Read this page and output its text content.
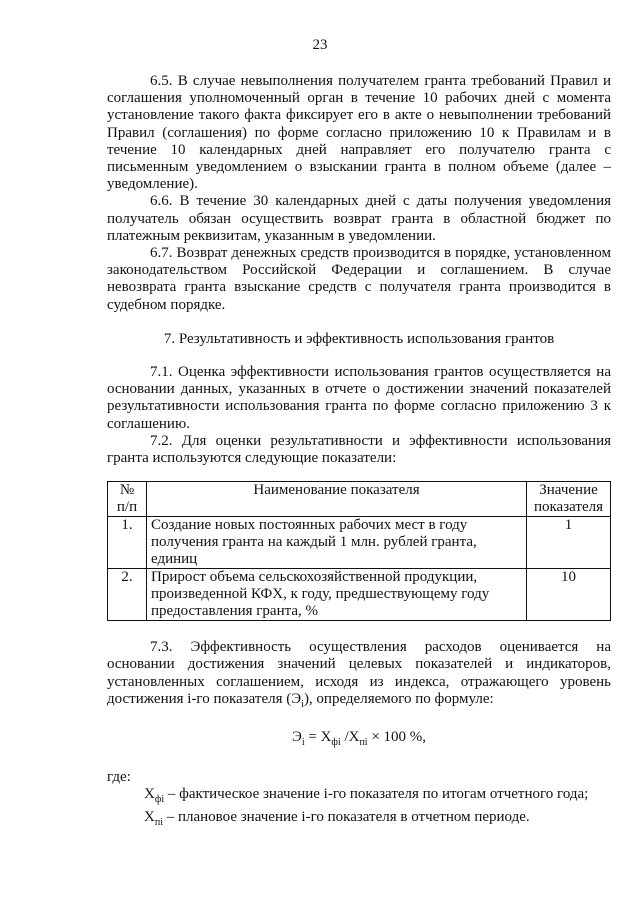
23

6.5. В случае невыполнения получателем гранта требований Правил и соглашения уполномоченный орган в течение 10 рабочих дней с момента установление такого факта фиксирует его в акте о невыполнении требований Правил (соглашения) по форме согласно приложению 10 к Правилам и в течение 10 календарных дней направляет его получателю гранта с письменным уведомлением о взыскании гранта в полном объеме (далее – уведомление).

6.6. В течение 30 календарных дней с даты получения уведомления получатель обязан осуществить возврат гранта в областной бюджет по платежным реквизитам, указанным в уведомлении.

6.7. Возврат денежных средств производится в порядке, установленном законодательством Российской Федерации и соглашением. В случае невозврата гранта взыскание средств с получателя гранта производится в судебном порядке.

7. Результативность и эффективность использования грантов

7.1. Оценка эффективности использования грантов осуществляется на основании данных, указанных в отчете о достижении значений показателей результативности использования гранта по форме согласно приложению 3 к соглашению.

7.2. Для оценки результативности и эффективности использования гранта используются следующие показатели:

№ п/п	Наименование показателя	Значение показателя
1.	Создание новых постоянных рабочих мест в году получения гранта на каждый 1 млн. рублей гранта, единиц	1
2.	Прирост объема сельскохозяйственной продукции, произведенной КФХ, к году, предшествующему году предоставления гранта, %	10

7.3. Эффективность осуществления расходов оценивается на основании достижения значений целевых показателей и индикаторов, установленных соглашением, исходя из индекса, отражающего уровень достижения i-го показателя $(Э_i)$, определяемого по формуле:

$Э_i = Х_{фi}$ $/Х_{пi} \times 100$ %,

где:

$Х_{фi}$ – фактическое значение i-го показателя по итогам отчетного года;

$Х_{пi}$ – плановое значение i-го показателя в отчетном периоде.
